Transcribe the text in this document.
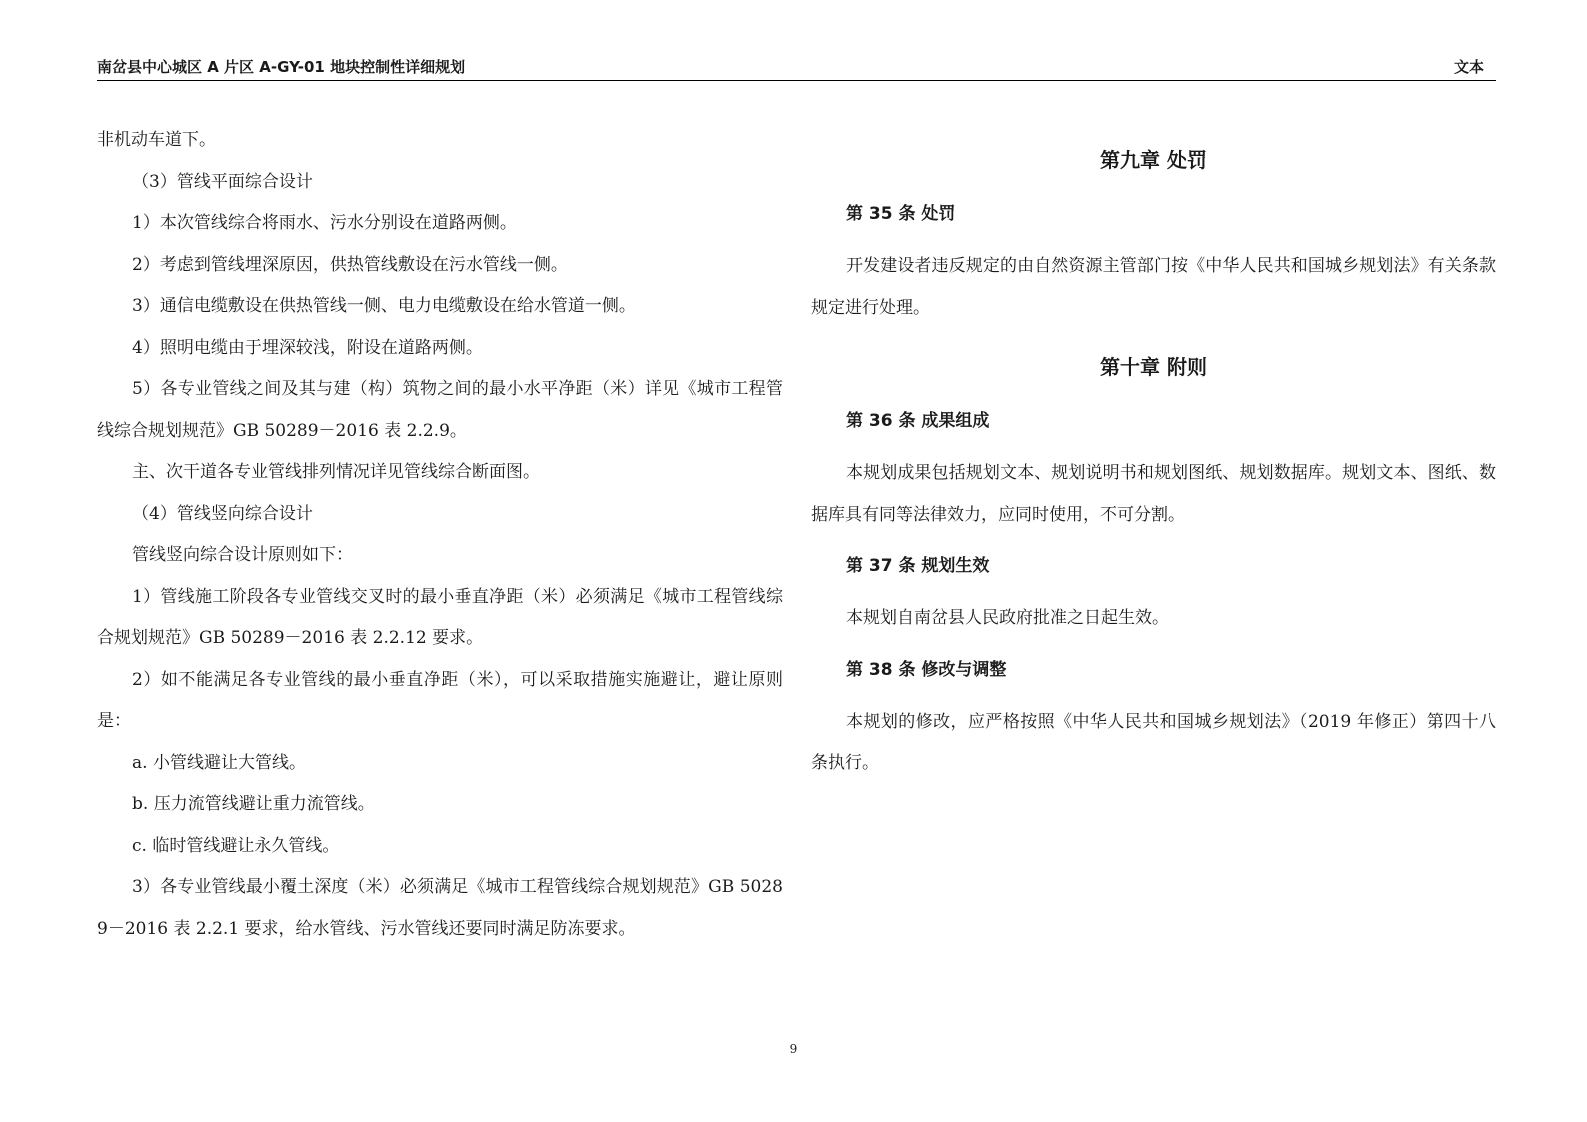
南岔县中心城区 A 片区 A-GY-01 地块控制性详细规划	文本

非机动车道下。

（3）管线平面综合设计

1）本次管线综合将雨水、污水分别设在道路两侧。

2）考虑到管线埋深原因，供热管线敷设在污水管线一侧。

3）通信电缆敷设在供热管线一侧、电力电缆敷设在给水管道一侧。

4）照明电缆由于埋深较浅，附设在道路两侧。

5）各专业管线之间及其与建（构）筑物之间的最小水平净距（米）详见《城市工程管线综合规划规范》GB 50289－2016 表 2.2.9。

主、次干道各专业管线排列情况详见管线综合断面图。

（4）管线竖向综合设计

管线竖向综合设计原则如下：

1）管线施工阶段各专业管线交叉时的最小垂直净距（米）必须满足《城市工程管线综合规划规范》GB 50289－2016 表 2.2.12 要求。

2）如不能满足各专业管线的最小垂直净距（米），可以采取措施实施避让，避让原则是：

a. 小管线避让大管线。

b. 压力流管线避让重力流管线。

c. 临时管线避让永久管线。

3）各专业管线最小覆土深度（米）必须满足《城市工程管线综合规划规范》GB 50289－2016 表 2.2.1 要求，给水管线、污水管线还要同时满足防冻要求。

第九章 处罚
第 35 条 处罚

开发建设者违反规定的由自然资源主管部门按《中华人民共和国城乡规划法》有关条款规定进行处理。

第十章 附则
第 36 条 成果组成

本规划成果包括规划文本、规划说明书和规划图纸、规划数据库。规划文本、图纸、数据库具有同等法律效力，应同时使用，不可分割。

第 37 条 规划生效

本规划自南岔县人民政府批准之日起生效。

第 38 条 修改与调整

本规划的修改，应严格按照《中华人民共和国城乡规划法》（2019 年修正）第四十八条执行。

9
